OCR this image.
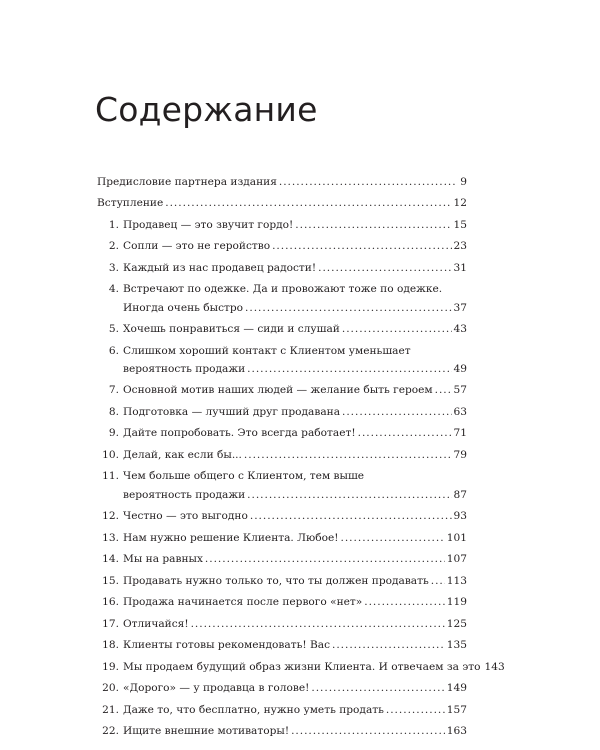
Содержание
Предисловие партнера издания . . .	9
Вступление . . .	12
1. Продавец — это звучит гордо! . . .	15
2. Сопли — это не геройство . . .	23
3. Каждый из нас продавец радости! . . .	31
4. Встречают по одежке. Да и провожают тоже по одежке.
Иногда очень быстро . . .	37
5. Хочешь понравиться — сиди и слушай . . .	43
6. Слишком хороший контакт с Клиентом уменьшает
вероятность продажи . . .	49
7. Основной мотив наших людей — желание быть героем . . . 57
8. Подготовка — лучший друг продавана . . .	63
9. Дайте попробовать. Это всегда работает! . . .	71
10. Делай, как если бы... . . .	79
11. Чем больше общего с Клиентом, тем выше
вероятность продажи . . .	87
12. Честно — это выгодно . . .	93
13. Нам нужно решение Клиента. Любое! . . .	101
14. Мы на равных . . .	107
15. Продавать нужно только то, что ты должен продавать . . . 113
16. Продажа начинается после первого «нет» . . .	119
17. Отличайся! . . .	125
18. Клиенты готовы рекомендовать! Вас . . .	135
19. Мы продаем будущий образ жизни Клиента. И отвечаем за это 143
20. «Дорого» — у продавца в голове! . . .	149
21. Даже то, что бесплатно, нужно уметь продать . . .	157
22. Ищите внешние мотиваторы! . . .	163
